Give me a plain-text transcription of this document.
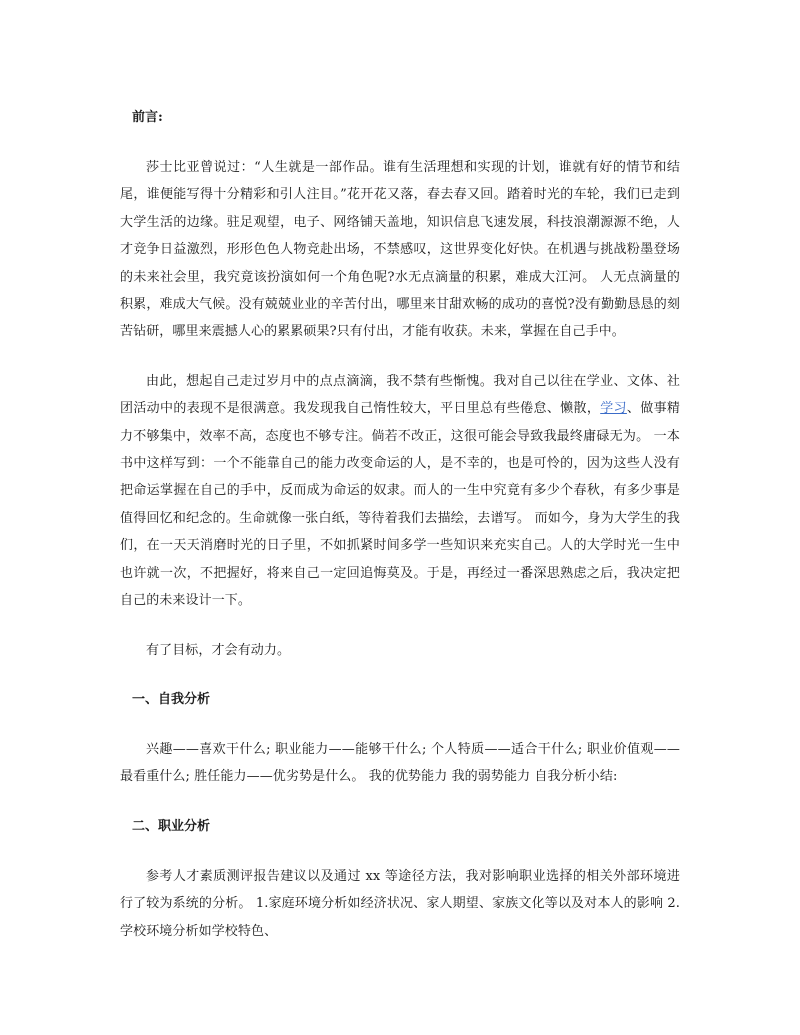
前言:

莎士比亚曾说过：“人生就是一部作品。谁有生活理想和实现的计划，谁就有好的情节和结尾，谁便能写得十分精彩和引人注目。”花开花又落，春去春又回。踏着时光的车轮，我们已走到大学生活的边缘。驻足观望，电子、网络铺天盖地，知识信息飞速发展，科技浪潮源源不绝，人才竞争日益激烈，形形色色人物竞赴出场，不禁感叹，这世界变化好快。在机遇与挑战粉墨登场的未来社会里，我究竟该扮演如何一个角色呢?水无点滴量的积累，难成大江河。 人无点滴量的积累，难成大气候。没有兢兢业业的辛苦付出，哪里来甘甜欢畅的成功的喜悦?没有勤勤恳恳的刻苦钻研，哪里来震撼人心的累累硕果?只有付出，才能有收获。未来，掌握在自己手中。

由此，想起自己走过岁月中的点点滴滴，我不禁有些惭愧。我对自己以往在学业、文体、社团活动中的表现不是很满意。我发现我自己惰性较大，平日里总有些倦怠、懒散，学习、做事精力不够集中，效率不高，态度也不够专注。倘若不改正，这很可能会导致我最终庸碌无为。 一本书中这样写到：一个不能靠自己的能力改变命运的人，是不幸的，也是可怜的，因为这些人没有把命运掌握在自己的手中，反而成为命运的奴隶。而人的一生中究竟有多少个春秋，有多少事是值得回忆和纪念的。生命就像一张白纸，等待着我们去描绘，去谱写。 而如今，身为大学生的我们，在一天天消磨时光的日子里，不如抓紧时间多学一些知识来充实自己。人的大学时光一生中也许就一次，不把握好，将来自己一定回追悔莫及。于是，再经过一番深思熟虑之后，我决定把自己的未来设计一下。

有了目标，才会有动力。

一、自我分析

兴趣——喜欢干什么; 职业能力——能够干什么; 个人特质——适合干什么; 职业价值观——最看重什么; 胜任能力——优劣势是什么。 我的优势能力 我的弱势能力 自我分析小结:

二、职业分析

参考人才素质测评报告建议以及通过 xx 等途径方法，我对影响职业选择的相关外部环境进行了较为系统的分析。 1.家庭环境分析如经济状况、家人期望、家族文化等以及对本人的影响 2.学校环境分析如学校特色、
